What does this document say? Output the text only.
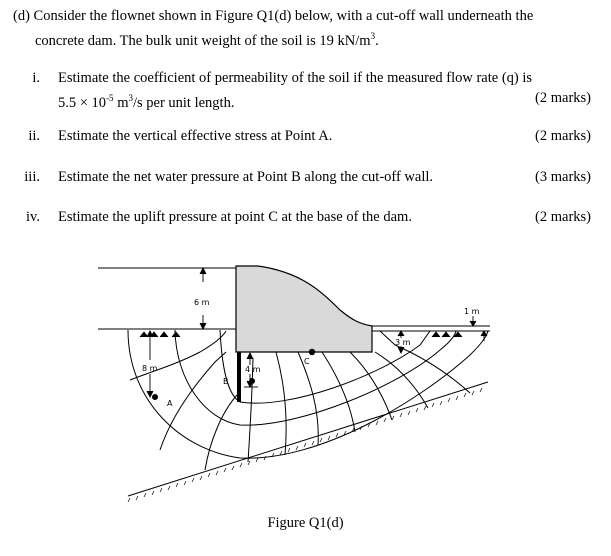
(d) Consider the flownet shown in Figure Q1(d) below, with a cut-off wall underneath the
concrete dam. The bulk unit weight of the soil is 19 $kN/m^3$.
i. Estimate the coefficient of permeability of the soil if the measured flow rate (q) is
$5.5 \times 10^{-5}$ $m^3/s$ per unit length.	(2 marks)
ii. Estimate the vertical effective stress at Point A.	(2 marks)
iii. Estimate the net water pressure at Point B along the cut-off wall.	(3 marks)
iv. Estimate the uplift pressure at point C at the base of the dam.	(2 marks)
6 m
1 m
8 m
A
4 m
B
C
3 m
Figure Q1(d)
